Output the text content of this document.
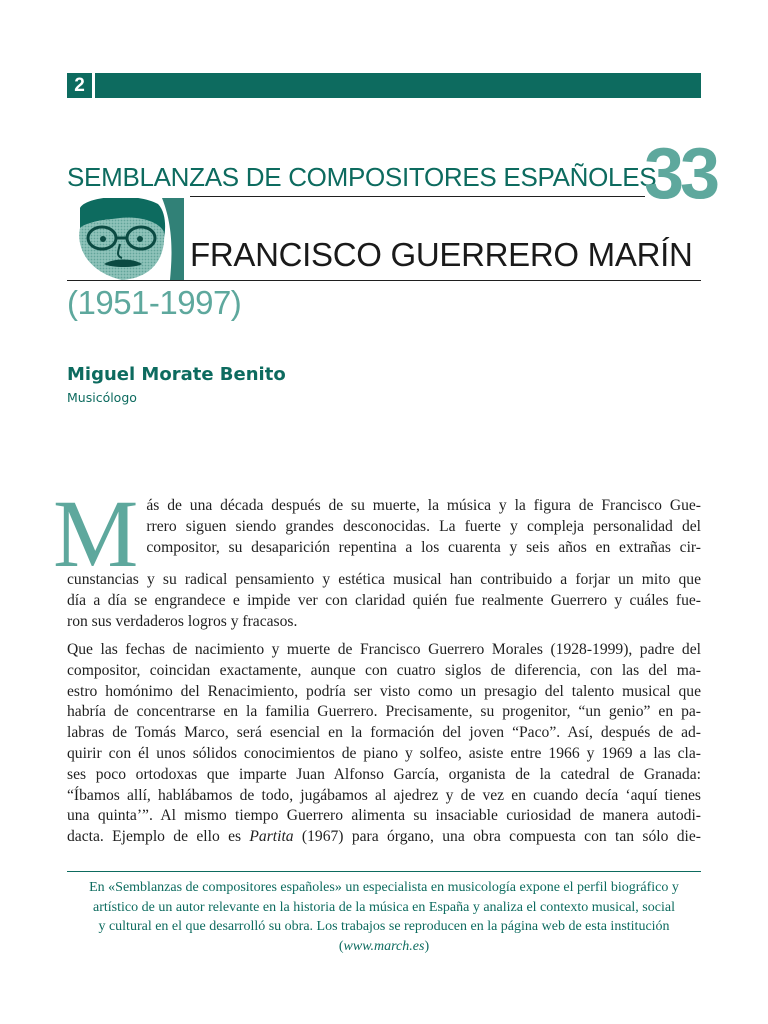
2
SEMBLANZAS DE COMPOSITORES ESPAÑOLES
33
FRANCISCO GUERRERO MARÍN
(1951-1997)
Miguel Morate Benito
Musicólogo
M ás de una década después de su muerte, la música y la figura de Francisco Gue-
rrero siguen siendo grandes desconocidas. La fuerte y compleja personalidad del
compositor, su desaparición repentina a los cuarenta y seis años en extrañas cir-
cunstancias y su radical pensamiento y estética musical han contribuido a forjar un mito que
día a día se engrandece e impide ver con claridad quién fue realmente Guerrero y cuáles fue-
ron sus verdaderos logros y fracasos.
Que las fechas de nacimiento y muerte de Francisco Guerrero Morales (1928-1999), padre del
compositor, coincidan exactamente, aunque con cuatro siglos de diferencia, con las del ma-
estro homónimo del Renacimiento, podría ser visto como un presagio del talento musical que
habría de concentrarse en la familia Guerrero. Precisamente, su progenitor, “un genio” en pa-
labras de Tomás Marco, será esencial en la formación del joven “Paco”. Así, después de ad-
quirir con él unos sólidos conocimientos de piano y solfeo, asiste entre 1966 y 1969 a las cla-
ses poco ortodoxas que imparte Juan Alfonso García, organista de la catedral de Granada:
“Íbamos allí, hablábamos de todo, jugábamos al ajedrez y de vez en cuando decía ‘aquí tienes
una quinta’”. Al mismo tiempo Guerrero alimenta su insaciable curiosidad de manera autodi-
dacta. Ejemplo de ello es Partita (1967) para órgano, una obra compuesta con tan sólo die-
En «Semblanzas de compositores españoles» un especialista en musicología expone el perfil biográfico y
artístico de un autor relevante en la historia de la música en España y analiza el contexto musical, social
y cultural en el que desarrolló su obra. Los trabajos se reproducen en la página web de esta institución
(www.march.es)
